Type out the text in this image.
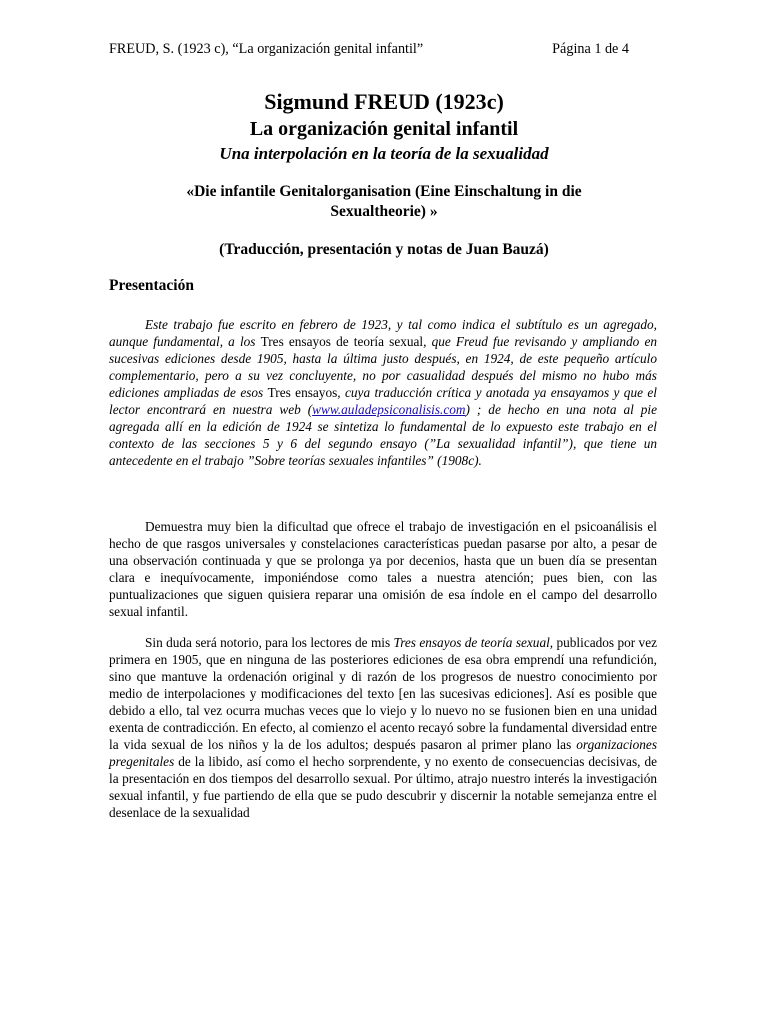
FREUD, S. (1923 c), “La organización genital infantil”	Página 1 de 4
Sigmund FREUD (1923c)
La organización genital infantil
Una interpolación en la teoría de la sexualidad
«Die infantile Genitalorganisation (Eine Einschaltung in die Sexualtheorie) »
(Traducción, presentación y notas de Juan Bauzá)
Presentación

Este trabajo fue escrito en febrero de 1923, y tal como indica el subtítulo es un agregado, aunque fundamental, a los Tres ensayos de teoría sexual, que Freud fue revisando y ampliando en sucesivas ediciones desde 1905, hasta la última justo después, en 1924, de este pequeño artículo complementario, pero a su vez concluyente, no por casualidad después del mismo no hubo más ediciones ampliadas de esos Tres ensayos, cuya traducción crítica y anotada ya ensayamos y que el lector encontrará en nuestra web (www.auladepsiconalisis.com) ; de hecho en una nota al pie agregada allí en la edición de 1924 se sintetiza lo fundamental de lo expuesto este trabajo en el contexto de las secciones 5 y 6 del segundo ensayo (”La sexualidad infantil”), que tiene un antecedente en el trabajo ”Sobre teorías sexuales infantiles” (1908c).

Demuestra muy bien la dificultad que ofrece el trabajo de investigación en el psicoanálisis el hecho de que rasgos universales y constelaciones características puedan pasarse por alto, a pesar de una observación continuada y que se prolonga ya por decenios, hasta que un buen día se presentan clara e inequívocamente, imponiéndose como tales a nuestra atención; pues bien, con las puntualizaciones que siguen quisiera reparar una omisión de esa índole en el campo del desarrollo sexual infantil.

Sin duda será notorio, para los lectores de mis Tres ensayos de teoría sexual, publicados por vez primera en 1905, que en ninguna de las posteriores ediciones de esa obra emprendí una refundición, sino que mantuve la ordenación original y di razón de los progresos de nuestro conocimiento por medio de interpolaciones y modificaciones del texto [en las sucesivas ediciones]. Así es posible que debido a ello, tal vez ocurra muchas veces que lo viejo y lo nuevo no se fusionen bien en una unidad exenta de contradicción. En efecto, al comienzo el acento recayó sobre la fundamental diversidad entre la vida sexual de los niños y la de los adultos; después pasaron al primer plano las organizaciones pregenitales de la libido, así como el hecho sorprendente, y no exento de consecuencias decisivas, de la presentación en dos tiempos del desarrollo sexual. Por último, atrajo nuestro interés la investigación sexual infantil, y fue partiendo de ella que se pudo descubrir y discernir la notable semejanza entre el desenlace de la sexualidad
